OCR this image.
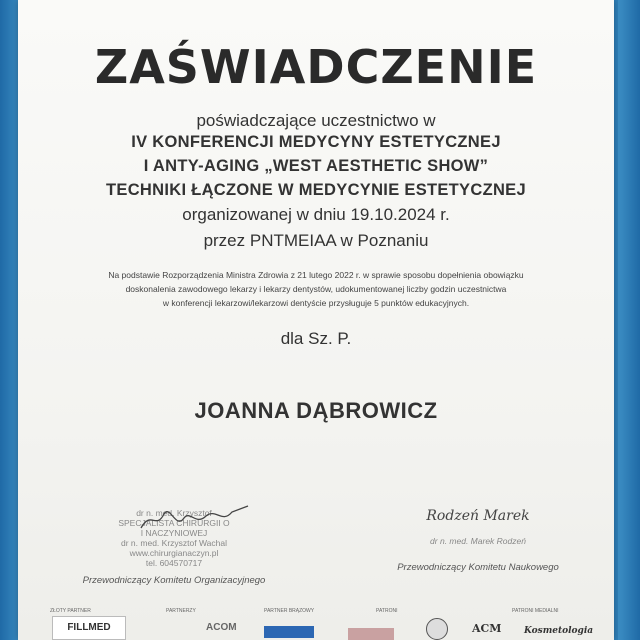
ZAŚWIADCZENIE
poświadczające uczestnictwo w
IV KONFERENCJI MEDYCYNY ESTETYCZNEJ
I ANTY-AGING „WEST AESTHETIC SHOW”
TECHNIKI ŁĄCZONE W MEDYCYNIE ESTETYCZNEJ
organizowanej w dniu 19.10.2024 r.
przez PNTMEIAA w Poznaniu
Na podstawie Rozporządzenia Ministra Zdrowia z 21 lutego 2022 r. w sprawie sposobu dopełnienia obowiązku
doskonalenia zawodowego lekarzy i lekarzy dentystów, udokumentowanej liczby godzin uczestnictwa
w konferencji lekarzowi/lekarzowi dentyście przysługuje 5 punktów edukacyjnych.
dla Sz. P.
JOANNA DĄBROWICZ
dr n. med. Krzysztof
SPECJALISTA CHIRURGII O
I NACZYNIOWEJ
dr n. med. Krzysztof Wachal
www.chirurgianaczyn.pl
tel. 604570717
Przewodniczący Komitetu Organizacyjnego
Rodzeń Marek
dr n. med. Marek Rodzeń
Przewodniczący Komitetu Naukowego
ZŁOTY PARTNER
FILLMED
PARTNERZY
ACOM
PARTNER BRĄZOWY	PATRONI	PATRONI MEDIALNI
ACM	Kosmetologia
